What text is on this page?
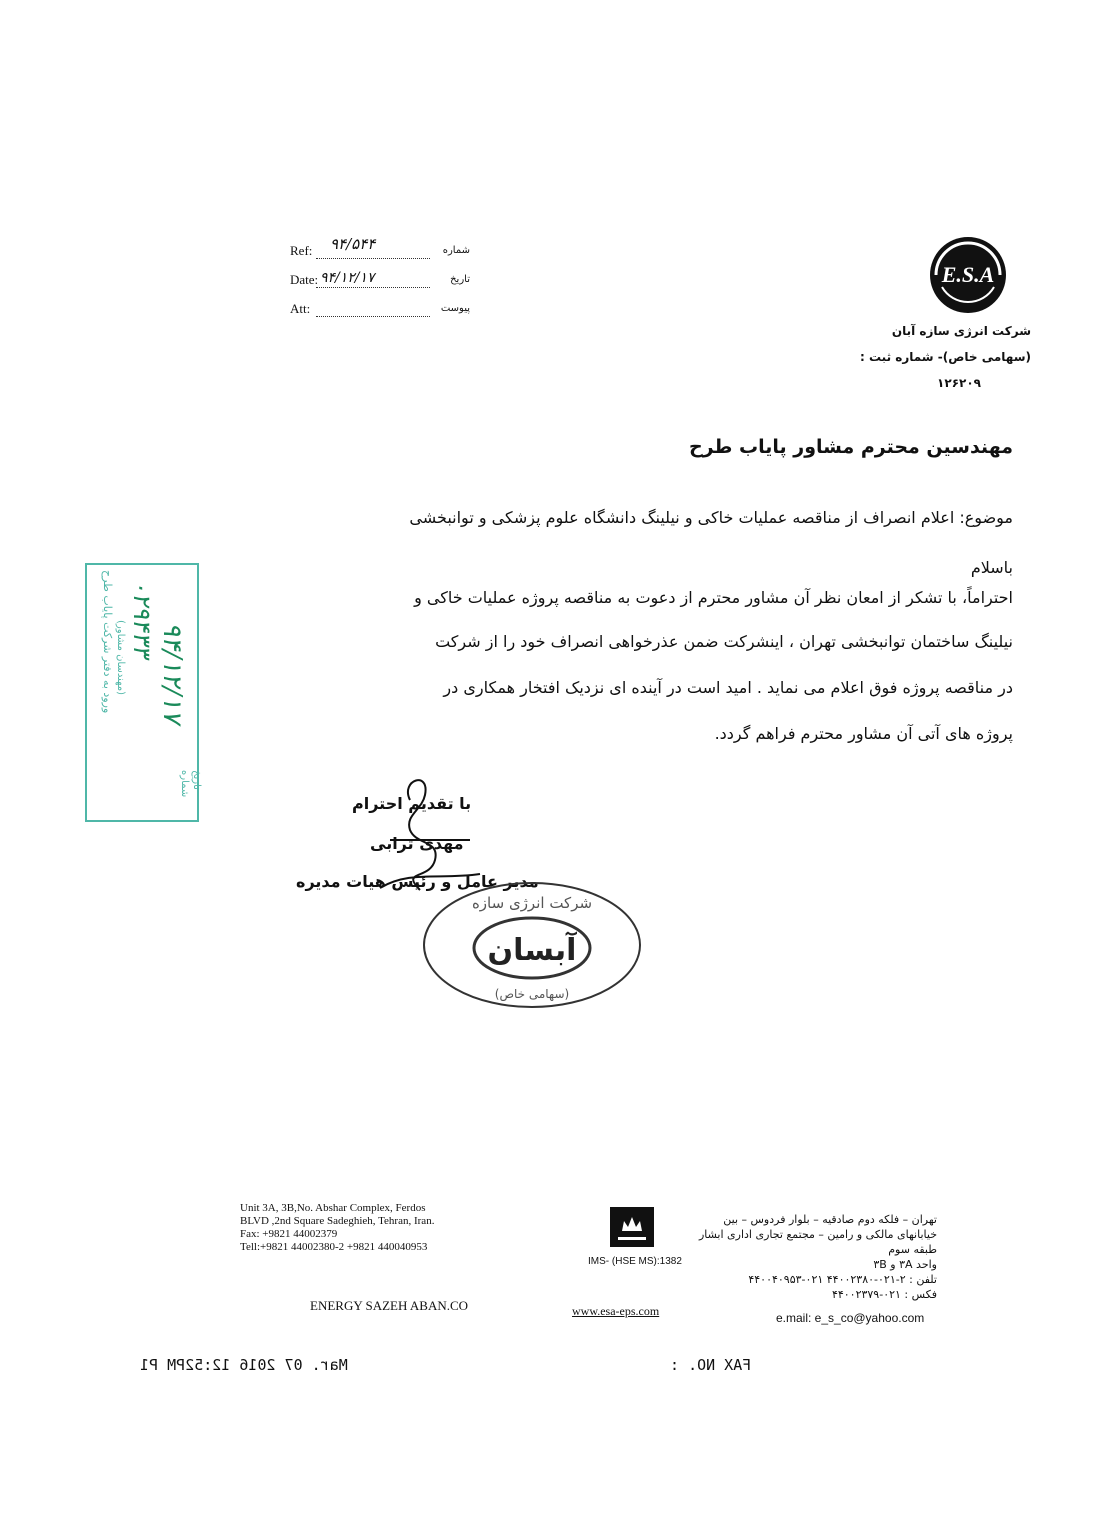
Ref: ۹۴/۵۴۴	شماره
Date: ۹۴/۱۲/۱۷	تاریخ
Att:	پیوست
E.S.A
شرکت انرژی سازه آبان
(سهامی خاص)- شماره ثبت :
۱۲۶۲۰۹
مهندسین محترم مشاور پایاب طرح
موضوع: اعلام انصراف از مناقصه عملیات خاکی و نیلینگ دانشگاه علوم پزشکی و توانبخشی
باسلام
احتراماً، با تشکر از امعان نظر آن مشاور محترم از دعوت به مناقصه پروژه عملیات خاکی و
نیلینگ ساختمان توانبخشی تهران ، اینشرکت ضمن عذرخواهی انصراف خود را از شرکت
در مناقصه پروژه فوق اعلام می نماید . امید است در آینده ای نزدیک افتخار همکاری در
پروژه های آتی آن مشاور محترم فراهم گردد.
ورود به دفتر شرکت پایاب طرح (مهندسان مشاور)
۰۲۹۴۳۳
۹۴/۱۲/۱۷
شماره تاریخ
با تقدیم احترام
مهدی ترابی
مدیر عامل و رئیس هیات مدیره
شرکت انرژی سازه
آبسان
(سهامی خاص)
Unit 3A, 3B,No. Abshar Complex, Ferdos
BLVD ,2nd Square Sadeghieh, Tehran, Iran.
Fax: +9821 44002379
Tell:+9821 44002380-2 +9821 440040953
ENERGY SAZEH ABAN.CO
IMS- (HSE MS):1382
www.esa-eps.com
تهران – فلکه دوم صادقیه – بلوار فردوس – بین
خیابانهای مالکی و رامین – مجتمع تجاری اداری ابشار
طبقه سوم
واحد ۳A و ۳B
تلفن : ۲-۰۲۱-۴۴۰۰۲۳۸۰ ۰۲۱-۴۴۰۰۴۰۹۵۳
فکس : ۰۲۱-۴۴۰۰۲۳۷۹
e.mail: e_s_co@yahoo.com
Mar. 07 2016 12:52PM P1	FAX NO. :
